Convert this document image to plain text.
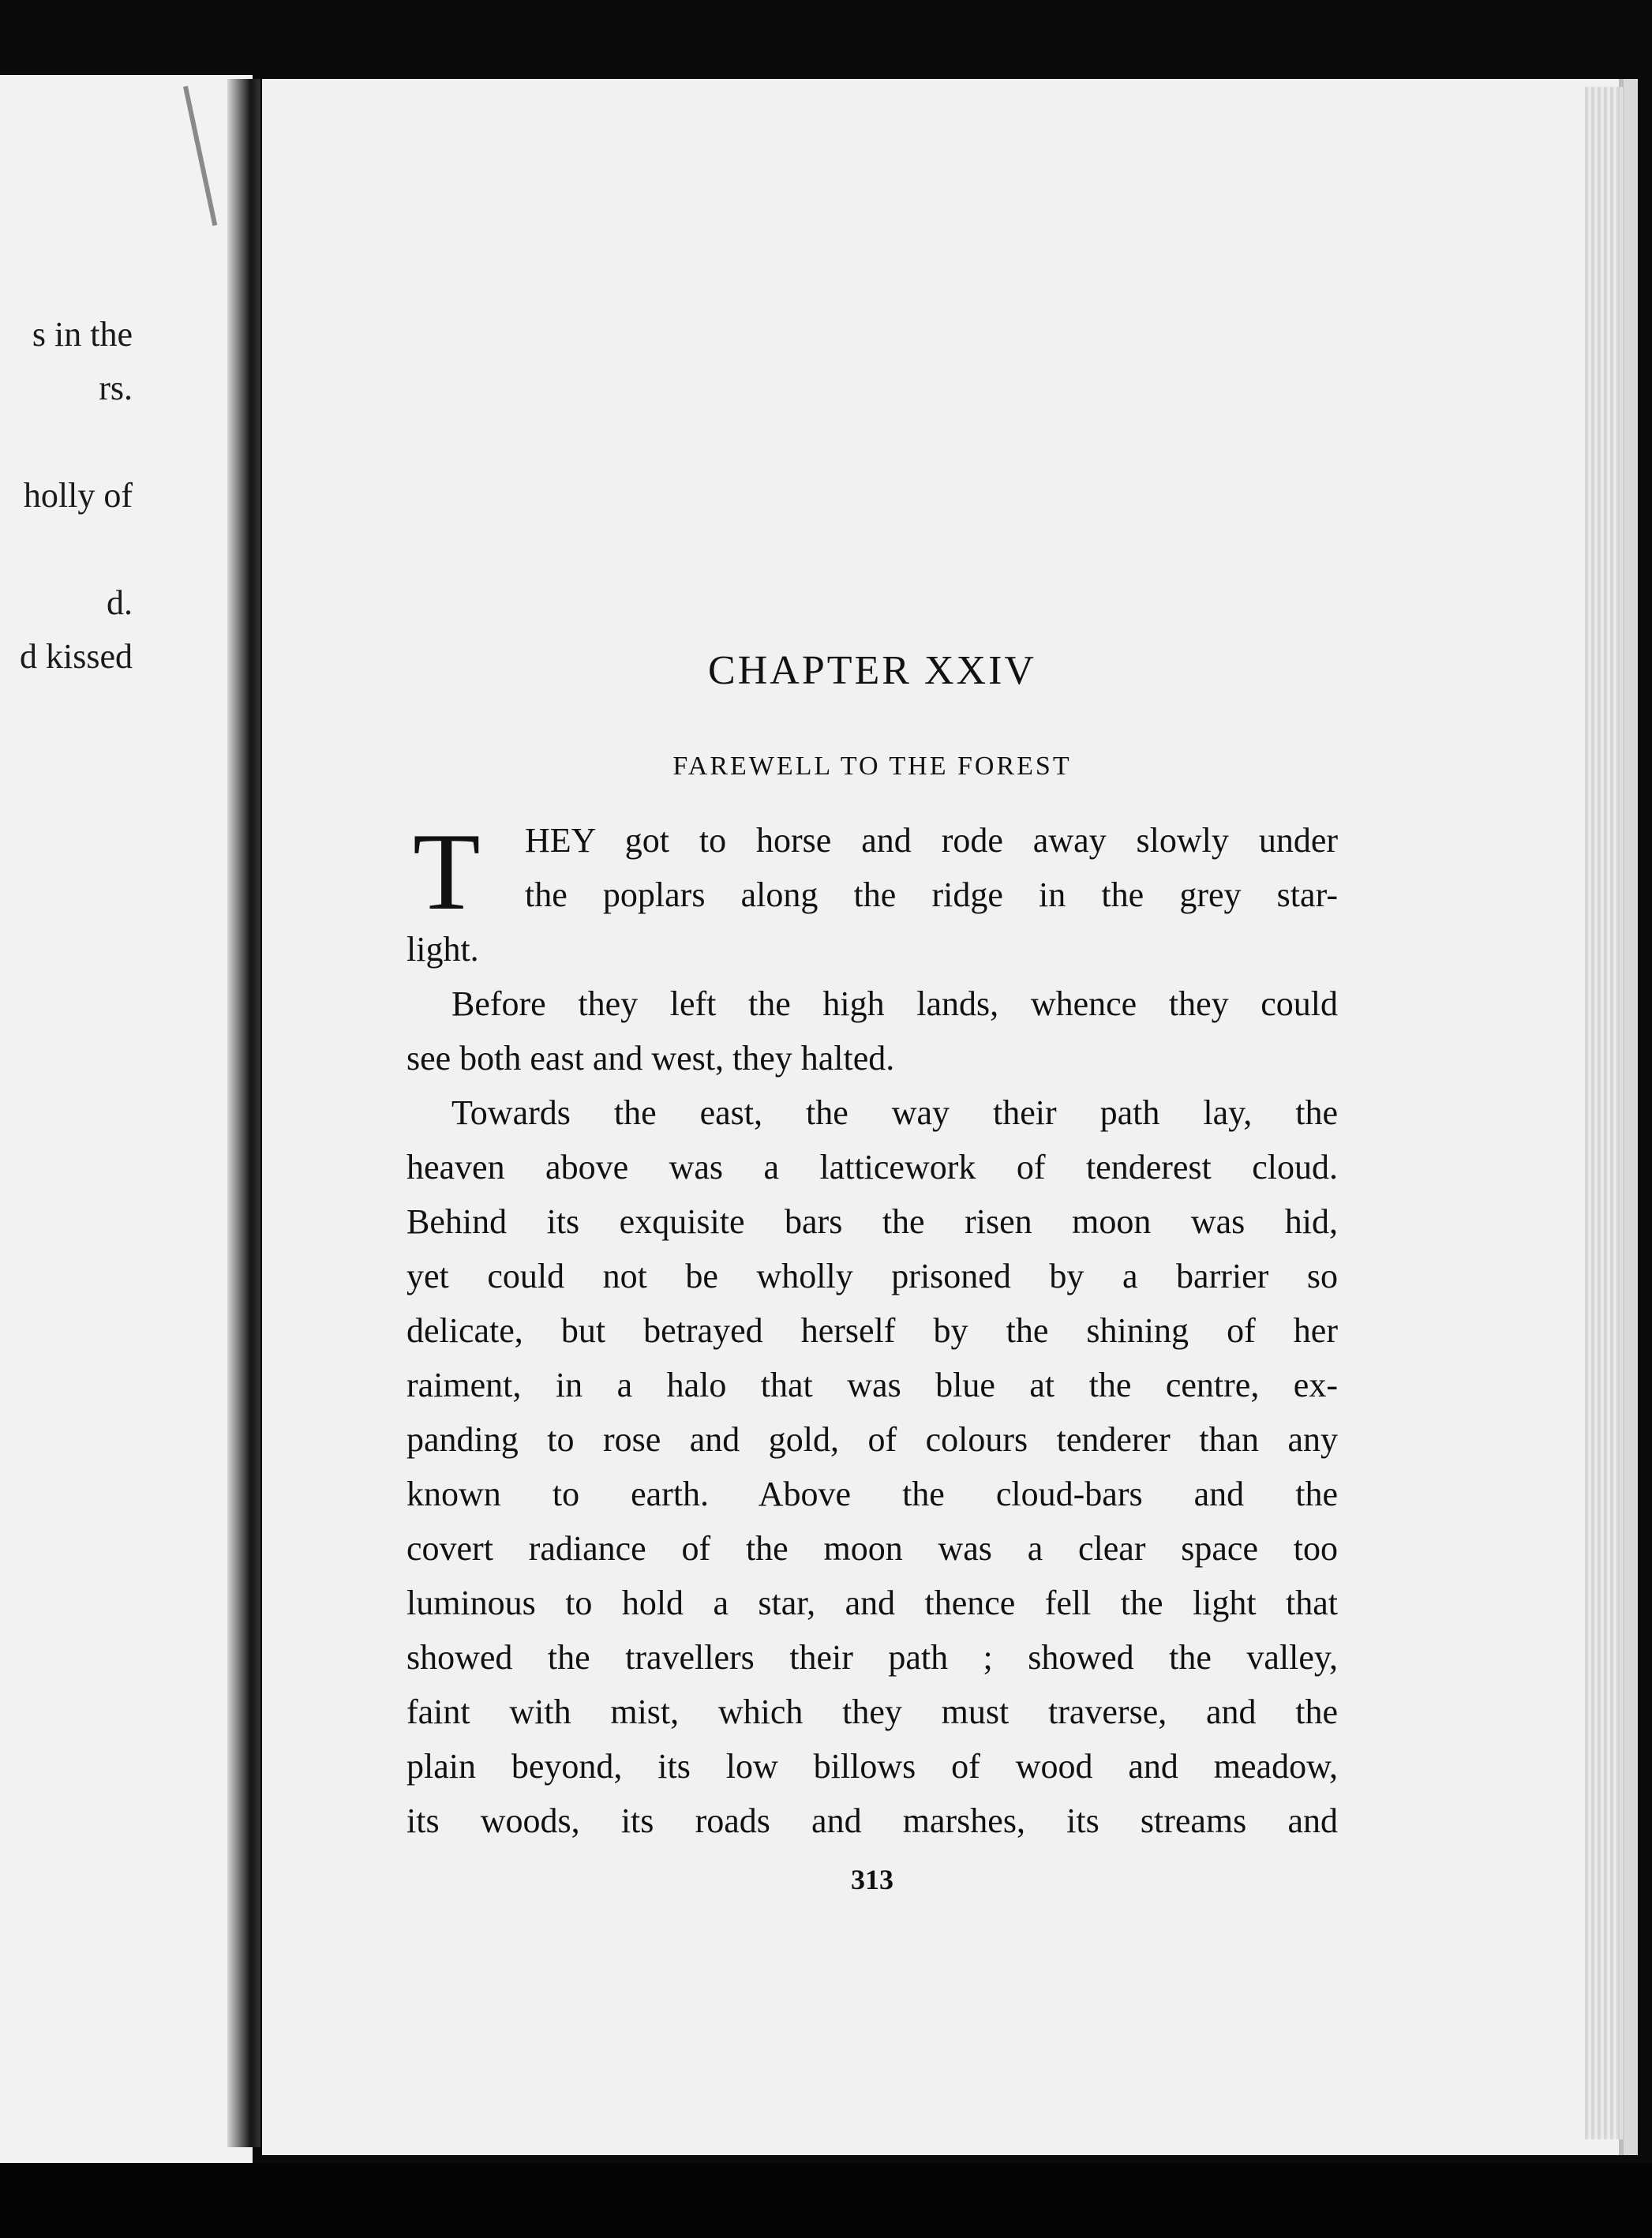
s in the
rs.
holly of
d.
d kissed	CHAPTER XXIV
FAREWELL TO THE FOREST
T	HEY got to horse and rode away slowly under
the poplars along the ridge in the grey star-
light.
Before they left the high lands, whence they could
see both east and west, they halted.
Towards the east, the way their path lay, the
heaven above was a latticework of tenderest cloud.
Behind its exquisite bars the risen moon was hid,
yet could not be wholly prisoned by a barrier so
delicate, but betrayed herself by the shining of her
raiment, in a halo that was blue at the centre, ex-
panding to rose and gold, of colours tenderer than any
known to earth. Above the cloud-bars and the
covert radiance of the moon was a clear space too
luminous to hold a star, and thence fell the light that
showed the travellers their path ; showed the valley,
faint with mist, which they must traverse, and the
plain beyond, its low billows of wood and meadow,
its woods, its roads and marshes, its streams and
313
